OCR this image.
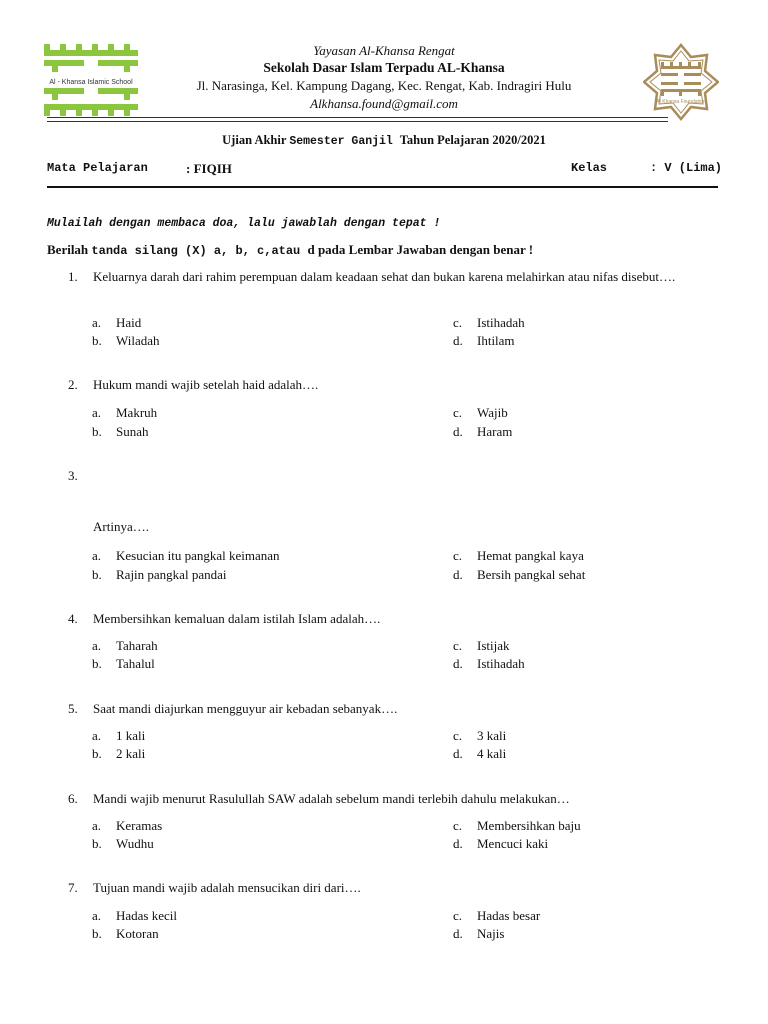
Al - Khansa Islamic School
Al Khansa Foundation
Yayasan Al-Khansa Rengat
Sekolah Dasar Islam Terpadu AL-Khansa
Jl. Narasinga, Kel. Kampung Dagang, Kec. Rengat, Kab. Indragiri Hulu
Alkhansa.found@gmail.com
Ujian Akhir Semester Ganjil Tahun Pelajaran 2020/2021
Mata Pelajaran	: FIQIH	Kelas	: V (Lima)
Mulailah dengan membaca doa, lalu jawablah dengan tepat !
Berilah tanda silang (X) a, b, c,atau d pada Lembar Jawaban dengan benar !
1. Keluarnya darah dari rahim perempuan dalam keadaan sehat dan bukan karena melahirkan atau nifas disebut….
a. Haid
b. Wiladah
c. Istihadah
d. Ihtilam
2. Hukum mandi wajib setelah haid adalah….
a. Makruh
b. Sunah
c. Wajib
d. Haram
3.
Artinya….
a. Kesucian itu pangkal keimanan
b. Rajin pangkal pandai
c. Hemat pangkal kaya
d. Bersih pangkal sehat
4. Membersihkan kemaluan dalam istilah Islam adalah….
a. Taharah
b. Tahalul
c. Istijak
d. Istihadah
5. Saat mandi diajurkan mengguyur air kebadan sebanyak….
a. 1 kali
b. 2 kali
c. 3 kali
d. 4 kali
6. Mandi wajib menurut Rasulullah SAW adalah sebelum mandi terlebih dahulu melakukan…
a. Keramas
b. Wudhu
c. Membersihkan baju
d. Mencuci kaki
7. Tujuan mandi wajib adalah mensucikan diri dari….
a. Hadas kecil
b. Kotoran
c. Hadas besar
d. Najis
